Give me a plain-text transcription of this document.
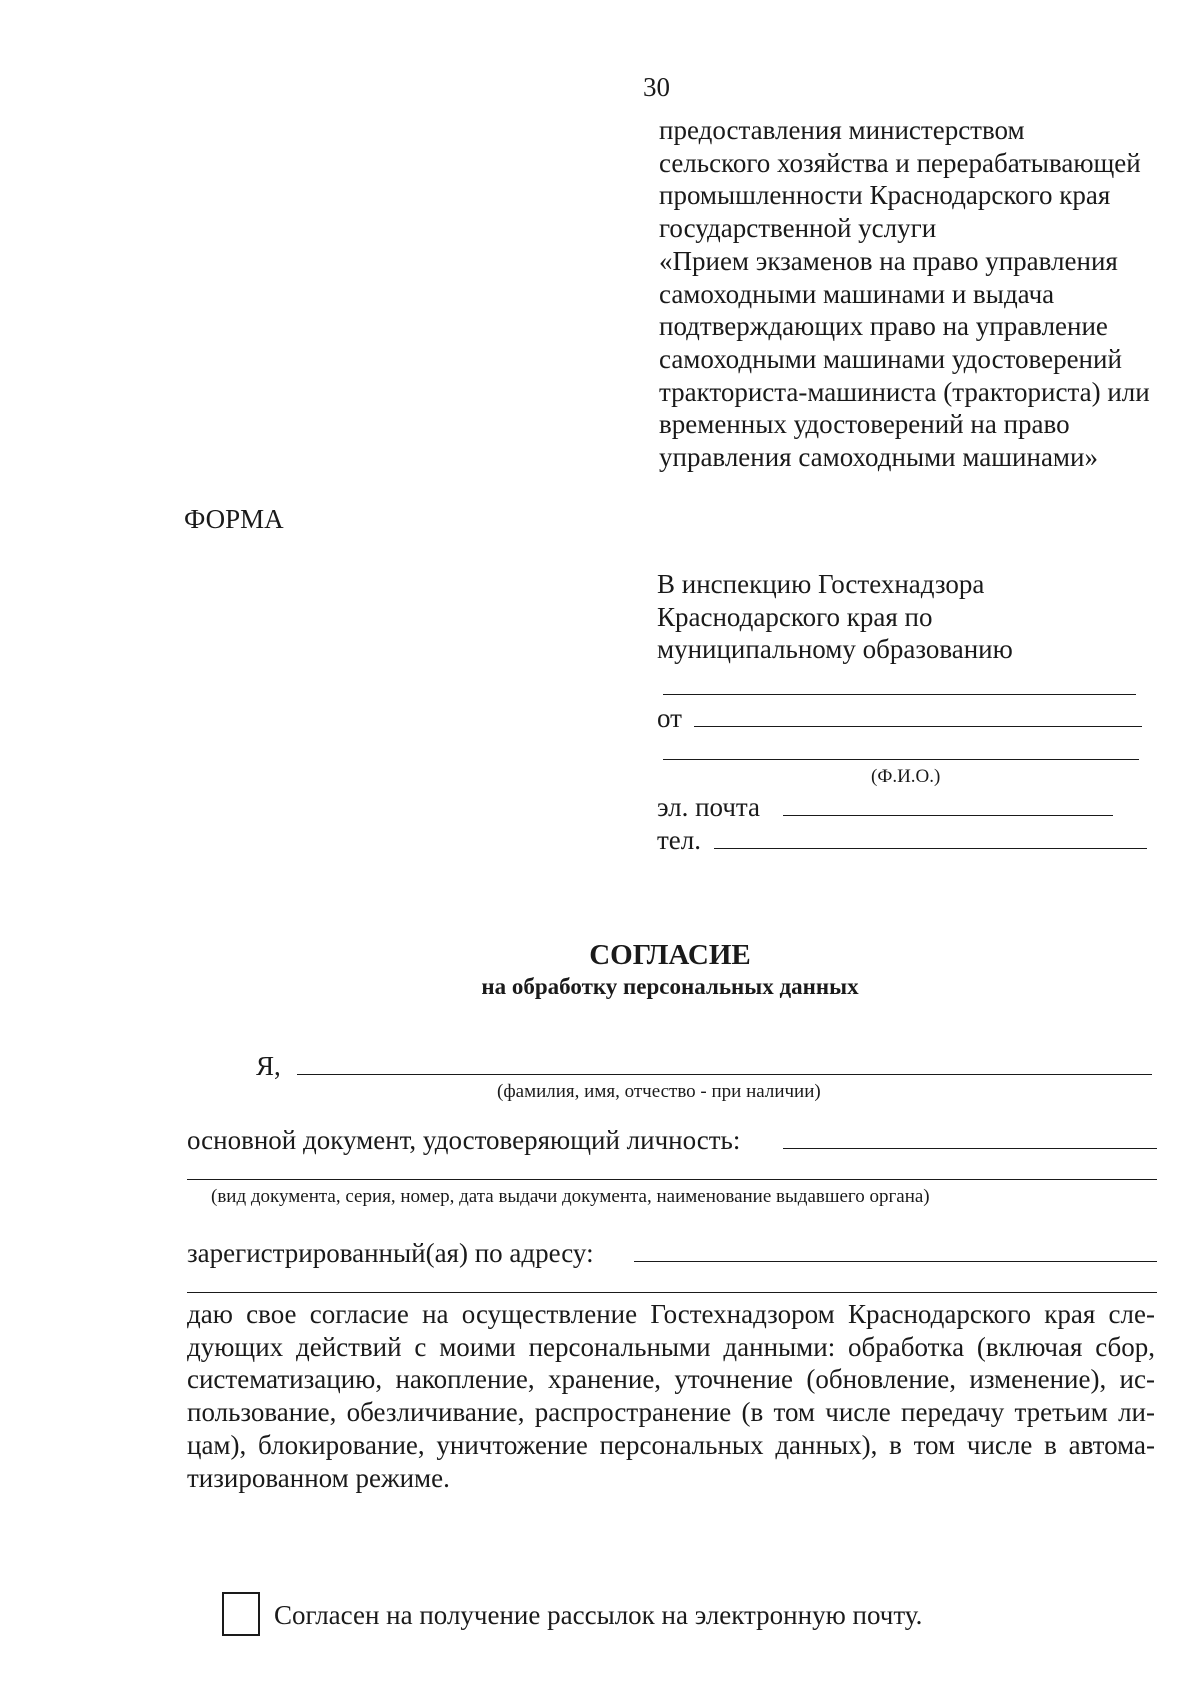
30
предоставления министерством
сельского хозяйства и перерабатывающей
промышленности Краснодарского края
государственной услуги
«Прием экзаменов на право управления
самоходными машинами и выдача
подтверждающих право на управление
самоходными машинами удостоверений
тракториста-машиниста (тракториста) или
временных удостоверений на право
управления самоходными машинами»
ФОРМА
В инспекцию Гостехнадзора
Краснодарского края по
муниципальному образованию
от
(Ф.И.О.)
эл. почта
тел.
СОГЛАСИЕ
на обработку персональных данных
Я,
(фамилия, имя, отчество - при наличии)
основной документ, удостоверяющий личность:
(вид документа, серия, номер, дата выдачи документа, наименование выдавшего органа)
зарегистрированный(ая) по адресу:
даю свое согласие на осуществление Гостехнадзором Краснодарского края сле-
дующих действий с моими персональными данными: обработка (включая сбор,
систематизацию, накопление, хранение, уточнение (обновление, изменение), ис-
пользование, обезличивание, распространение (в том числе передачу третьим ли-
цам), блокирование, уничтожение персональных данных), в том числе в автома-
тизированном режиме.
Согласен на получение рассылок на электронную почту.
